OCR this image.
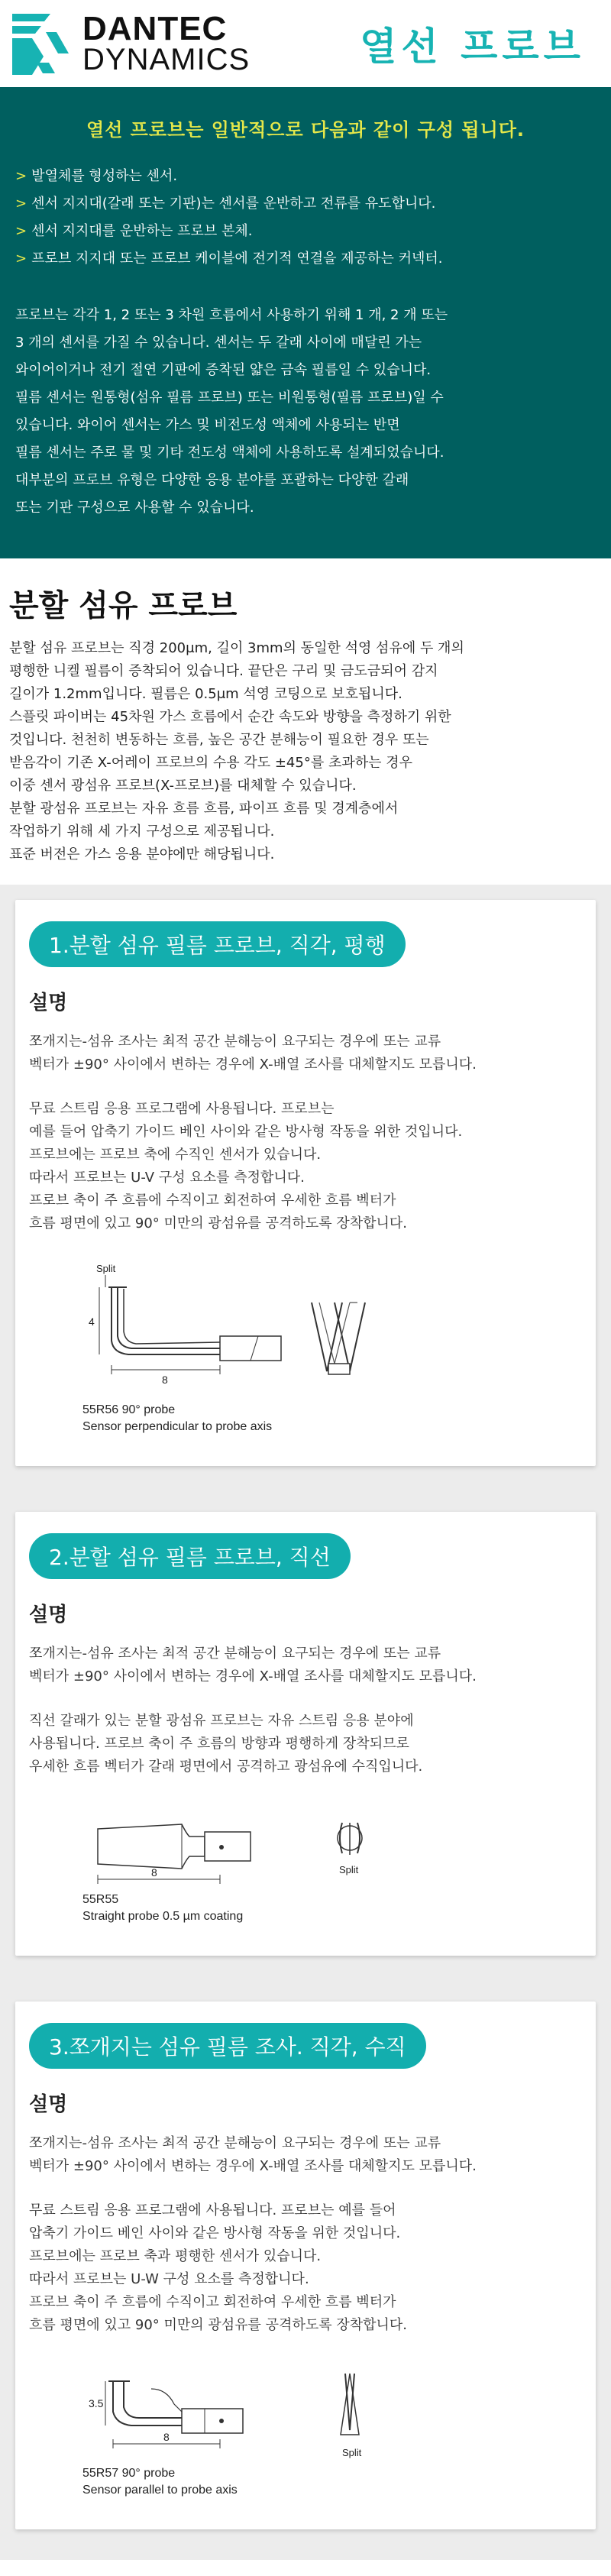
DANTEC
DYNAMICS	열선 프로브
열선 프로브는 일반적으로 다음과 같이 구성 됩니다.
> 발열체를 형성하는 센서.
> 센서 지지대(갈래 또는 기판)는 센서를 운반하고 전류를 유도합니다.
> 센서 지지대를 운반하는 프로브 본체.
> 프로브 지지대 또는 프로브 케이블에 전기적 연결을 제공하는 커넥터.
프로브는 각각 1, 2 또는 3 차원 흐름에서 사용하기 위해 1 개, 2 개 또는
3 개의 센서를 가질 수 있습니다. 센서는 두 갈래 사이에 매달린 가는
와이어이거나 전기 절연 기판에 증착된 얇은 금속 필름일 수 있습니다.
필름 센서는 원통형(섬유 필름 프로브) 또는 비원통형(필름 프로브)일 수
있습니다. 와이어 센서는 가스 및 비전도성 액체에 사용되는 반면
필름 센서는 주로 물 및 기타 전도성 액체에 사용하도록 설계되었습니다.
대부분의 프로브 유형은 다양한 응용 분야를 포괄하는 다양한 갈래
또는 기판 구성으로 사용할 수 있습니다.
분할 섬유 프로브
분할 섬유 프로브는 직경 200μm, 길이 3mm의 동일한 석영 섬유에 두 개의
평행한 니켈 필름이 증착되어 있습니다. 끝단은 구리 및 금도금되어 감지
길이가 1.2mm입니다. 필름은 0.5μm 석영 코팅으로 보호됩니다.
스플릿 파이버는 45차원 가스 흐름에서 순간 속도와 방향을 측정하기 위한
것입니다. 천천히 변동하는 흐름, 높은 공간 분해능이 필요한 경우 또는
받음각이 기존 X-어레이 프로브의 수용 각도 ±45°를 초과하는 경우
이중 센서 광섬유 프로브(X-프로브)를 대체할 수 있습니다.
분할 광섬유 프로브는 자유 흐름 흐름, 파이프 흐름 및 경계층에서
작업하기 위해 세 가지 구성으로 제공됩니다.
표준 버전은 가스 응용 분야에만 해당됩니다.
1.분할 섬유 필름 프로브, 직각, 평행
설명
쪼개지는-섬유 조사는 최적 공간 분해능이 요구되는 경우에 또는 교류
벡터가 ±90° 사이에서 변하는 경우에 X-배열 조사를 대체할지도 모릅니다.
무료 스트림 응용 프로그램에 사용됩니다. 프로브는
예를 들어 압축기 가이드 베인 사이와 같은 방사형 작동을 위한 것입니다.
프로브에는 프로브 축에 수직인 센서가 있습니다.
따라서 프로브는 U-V 구성 요소를 측정합니다.
프로브 축이 주 흐름에 수직이고 회전하여 우세한 흐름 벡터가
흐름 평면에 있고 90° 미만의 광섬유를 공격하도록 장착합니다.
Split
4
8
55R56 90° probe
Sensor perpendicular to probe axis
2.분할 섬유 필름 프로브, 직선
설명
쪼개지는-섬유 조사는 최적 공간 분해능이 요구되는 경우에 또는 교류
벡터가 ±90° 사이에서 변하는 경우에 X-배열 조사를 대체할지도 모릅니다.
직선 갈래가 있는 분할 광섬유 프로브는 자유 스트림 응용 분야에
사용됩니다. 프로브 축이 주 흐름의 방향과 평행하게 장착되므로
우세한 흐름 벡터가 갈래 평면에서 공격하고 광섬유에 수직입니다.
8	Split
55R55
Straight probe 0.5 µm coating
3.쪼개지는 섬유 필름 조사. 직각, 수직
설명
쪼개지는-섬유 조사는 최적 공간 분해능이 요구되는 경우에 또는 교류
벡터가 ±90° 사이에서 변하는 경우에 X-배열 조사를 대체할지도 모릅니다.
무료 스트림 응용 프로그램에 사용됩니다. 프로브는 예를 들어
압축기 가이드 베인 사이와 같은 방사형 작동을 위한 것입니다.
프로브에는 프로브 축과 평행한 센서가 있습니다.
따라서 프로브는 U-W 구성 요소를 측정합니다.
프로브 축이 주 흐름에 수직이고 회전하여 우세한 흐름 벡터가
흐름 평면에 있고 90° 미만의 광섬유를 공격하도록 장착합니다.
3.5
8
Split
55R57 90° probe
Sensor parallel to probe axis
